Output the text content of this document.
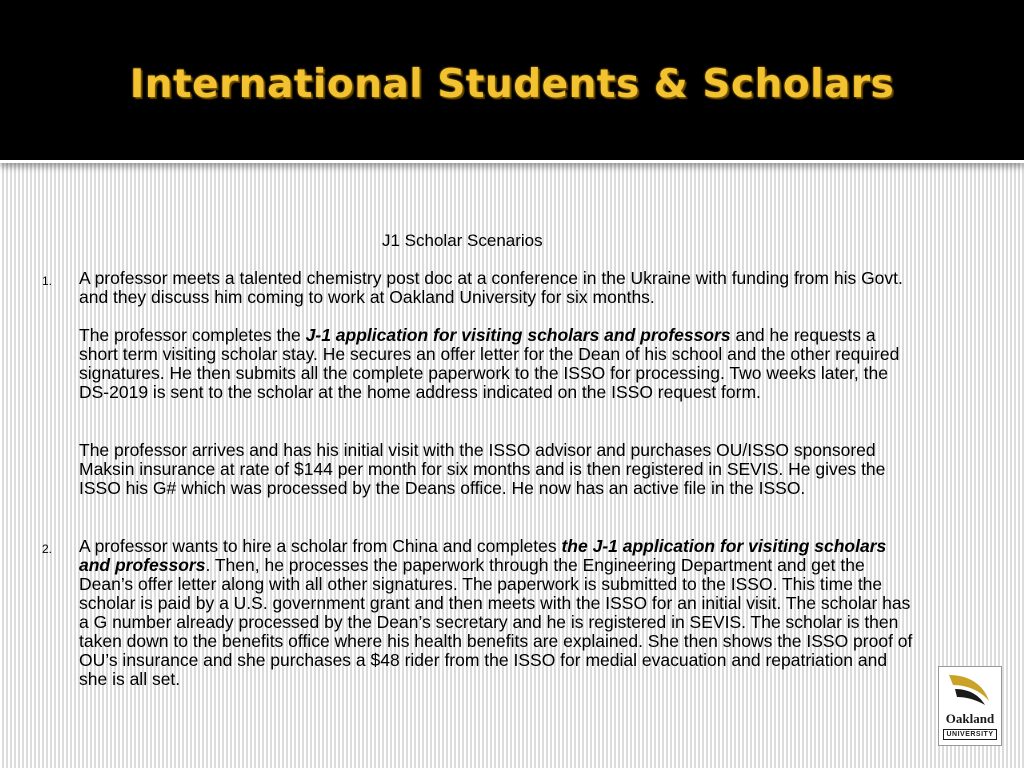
International Students & Scholars
J1 Scholar Scenarios
1. A professor meets a talented chemistry post doc at a conference in the Ukraine with funding from his Govt. and they discuss him coming to work at Oakland University for six months.

The professor completes the J-1 application for visiting scholars and professors and he requests a short term visiting scholar stay. He secures an offer letter for the Dean of his school and the other required signatures. He then submits all the complete paperwork to the ISSO for processing. Two weeks later, the DS-2019 is sent to the scholar at the home address indicated on the ISSO request form.

The professor arrives and has his initial visit with the ISSO advisor and purchases OU/ISSO sponsored Maksin insurance at rate of $144 per month for six months and is then registered in SEVIS. He gives the ISSO his G# which was processed by the Deans office. He now has an active file in the ISSO.

2. A professor wants to hire a scholar from China and completes the J-1 application for visiting scholars and professors. Then, he processes the paperwork through the Engineering Department and get the Dean’s offer letter along with all other signatures. The paperwork is submitted to the ISSO. This time the scholar is paid by a U.S. government grant and then meets with the ISSO for an initial visit. The scholar has a G number already processed by the Dean’s secretary and he is registered in SEVIS. The scholar is then taken down to the benefits office where his health benefits are explained. She then shows the ISSO proof of OU’s insurance and she purchases a $48 rider from the ISSO for medial evacuation and repatriation and she is all set.

Oakland
UNIVERSITY
